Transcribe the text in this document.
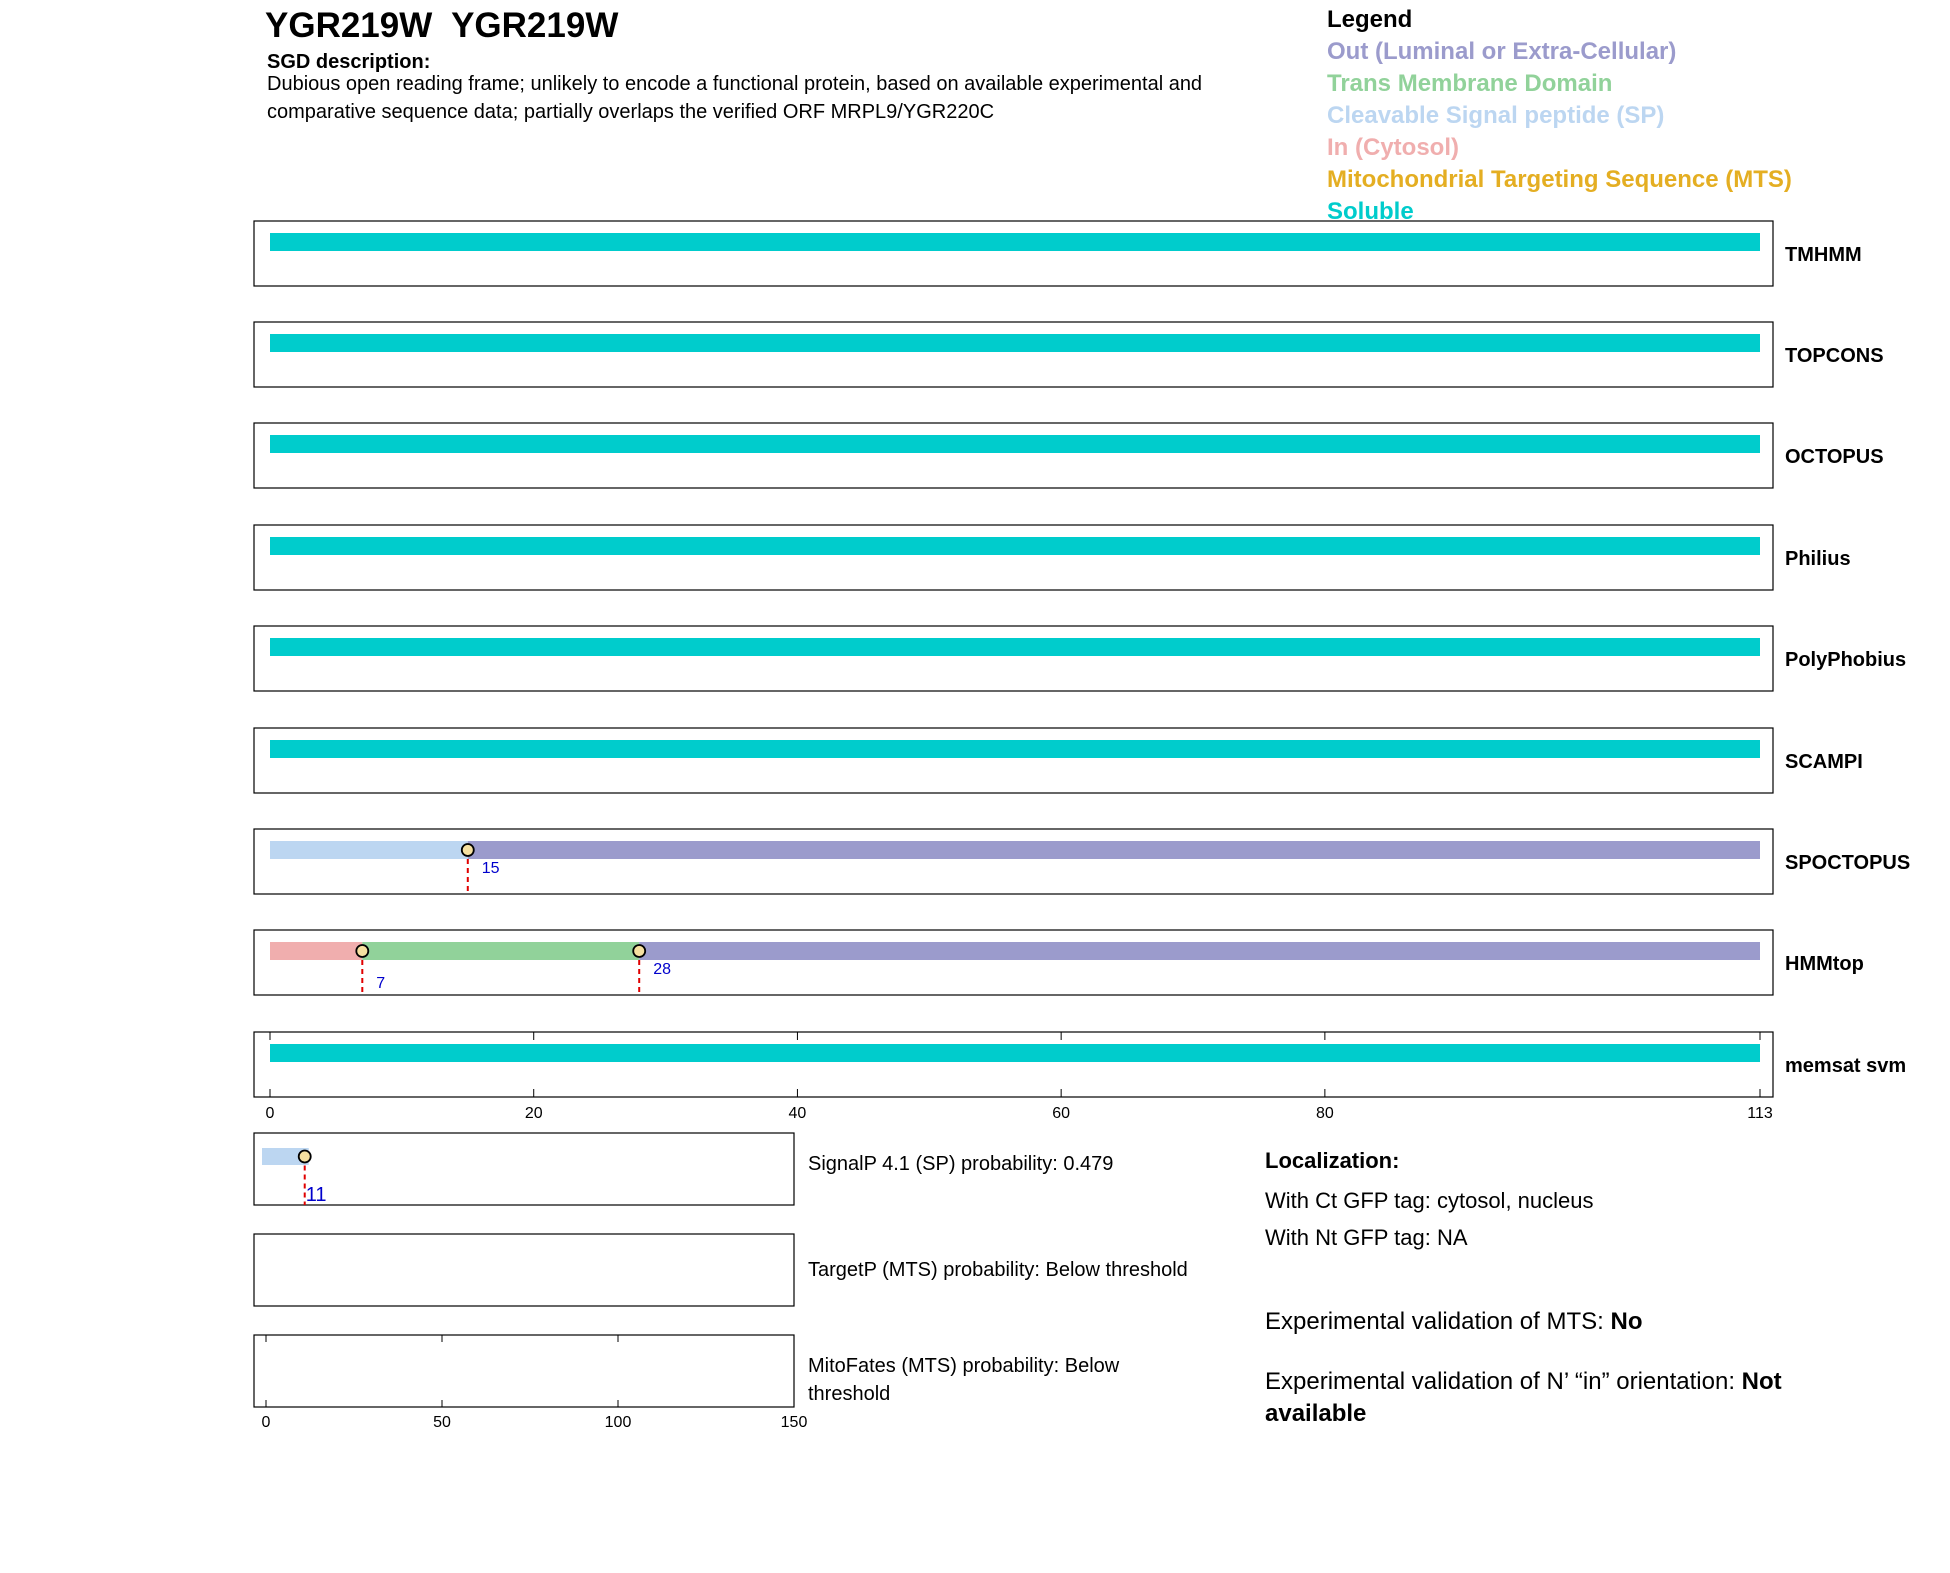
YGR219W  YGR219W
SGD description:
Dubious open reading frame; unlikely to encode a functional protein, based on available experimental and comparative sequence data; partially overlaps the verified ORF MRPL9/YGR220C
Legend
Out (Luminal or Extra-Cellular)
Trans Membrane Domain
Cleavable Signal peptide (SP)
In (Cytosol)
Mitochondrial Targeting Sequence (MTS)
Soluble
TMHMM
TOPCONS
OCTOPUS
Philius
PolyPhobius
SCAMPI
15	SPOCTOPUS
7
28	HMMtop
memsat svm
0	20	40	60	80	113
11
0	50	100	150
SignalP 4.1 (SP) probability: 0.479
TargetP (MTS) probability: Below threshold
MitoFates (MTS) probability: Below threshold
Localization:
With Ct GFP tag: cytosol, nucleus
With Nt GFP tag: NA
Experimental validation of MTS: No
Experimental validation of N’ “in” orientation: Not available
